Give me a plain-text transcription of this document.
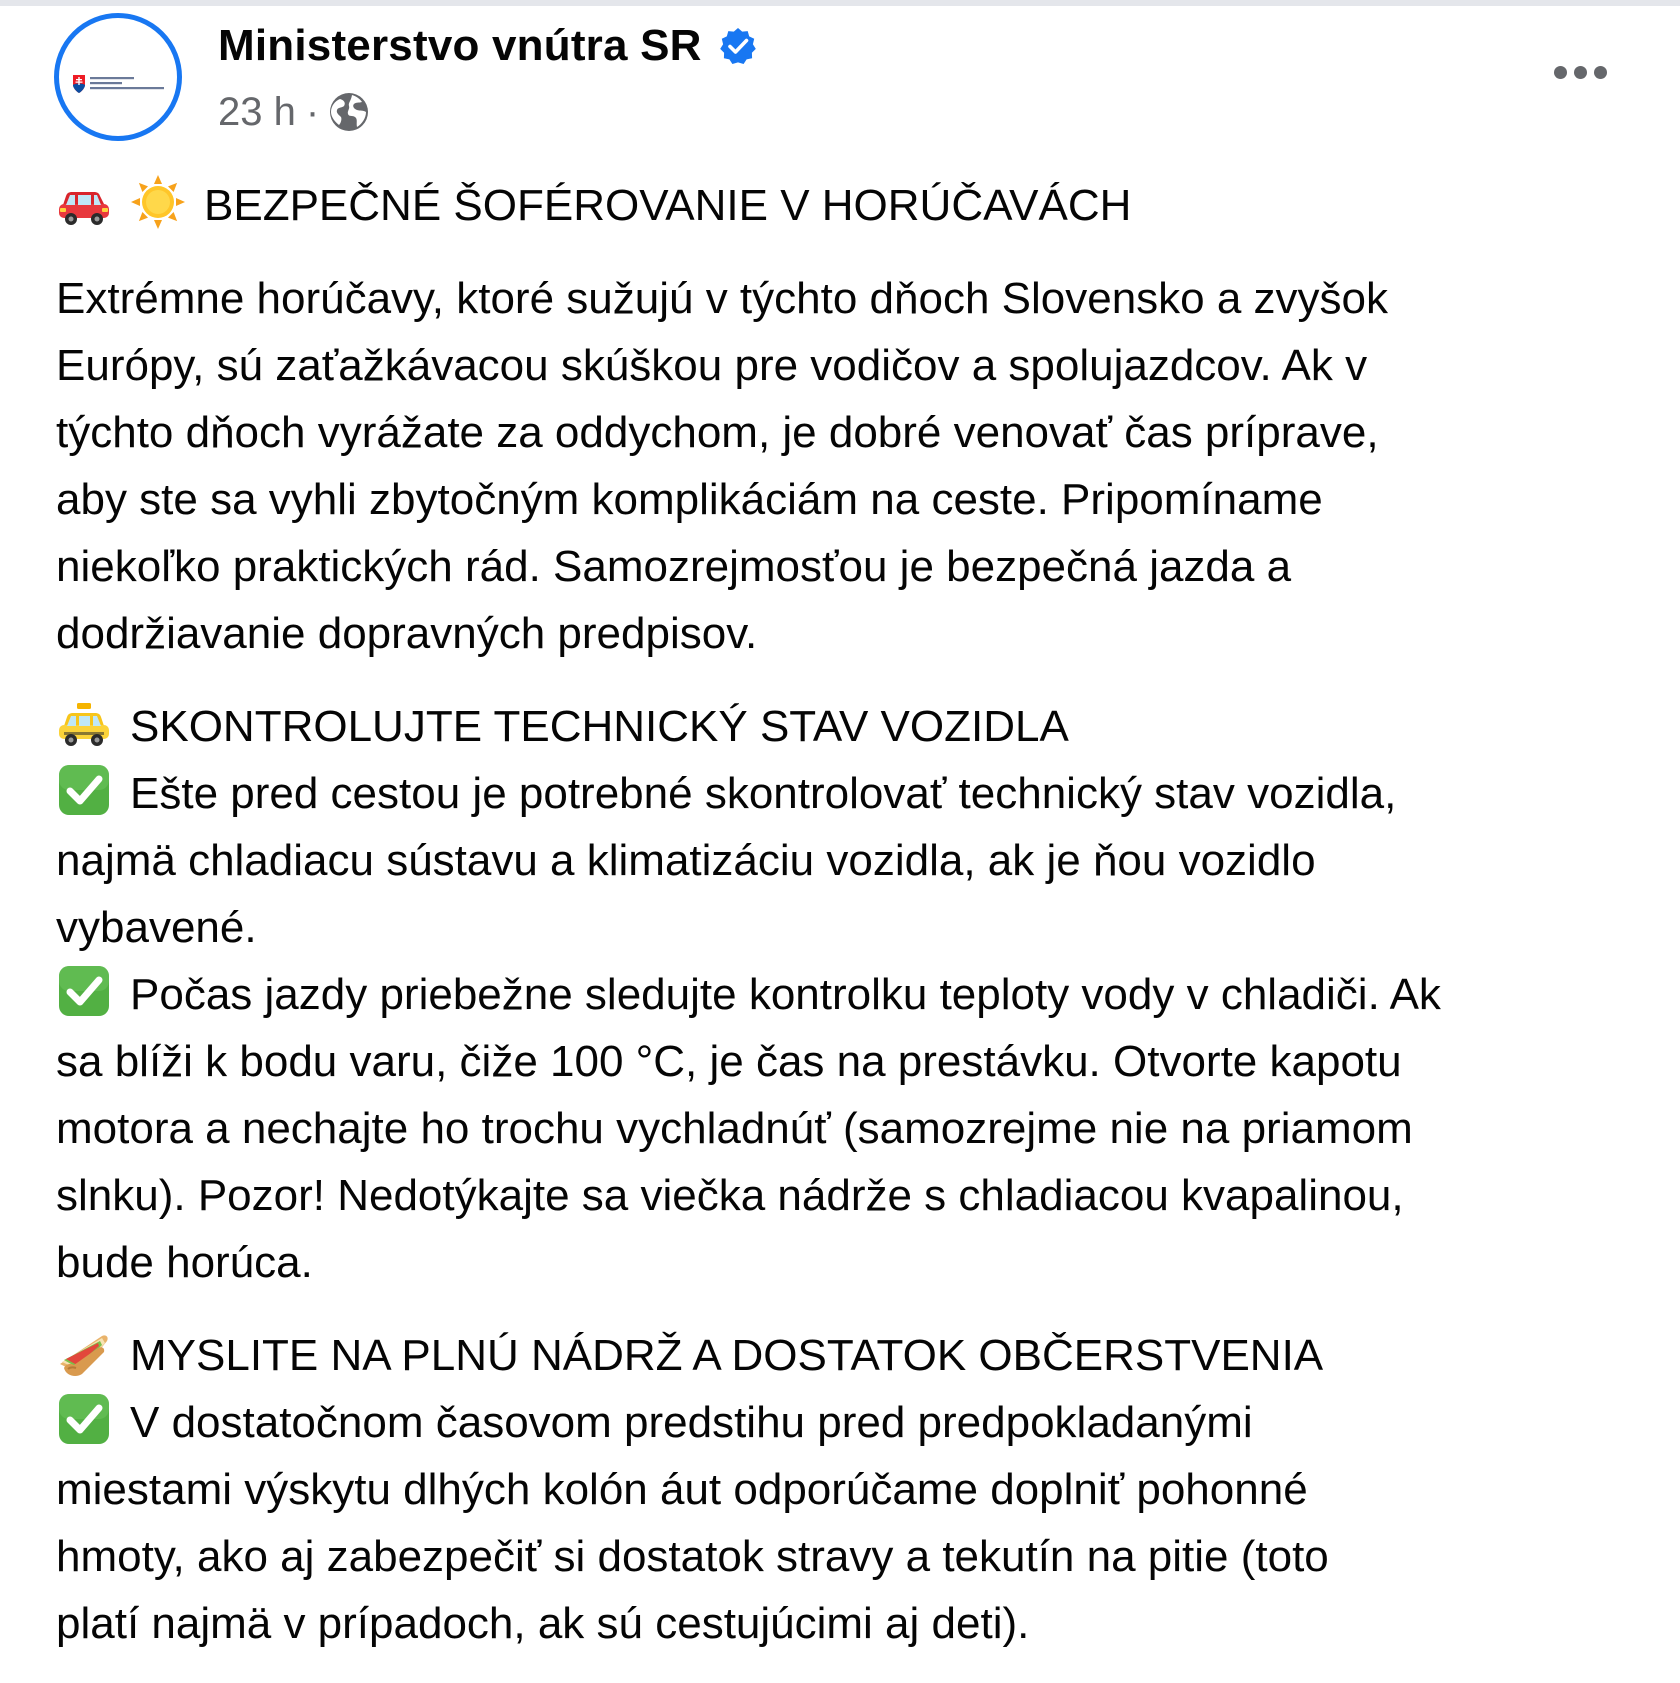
Ministerstvo vnútra SR
23 h ·

BEZPEČNÉ ŠOFÉROVANIE V HORÚČAVÁCH

Extrémne horúčavy, ktoré sužujú v týchto dňoch Slovensko a zvyšok
Európy, sú zaťažkávacou skúškou pre vodičov a spolujazdcov. Ak v
týchto dňoch vyrážate za oddychom, je dobré venovať čas príprave,
aby ste sa vyhli zbytočným komplikáciám na ceste. Pripomíname
niekoľko praktických rád. Samozrejmosťou je bezpečná jazda a
dodržiavanie dopravných predpisov.

SKONTROLUJTE TECHNICKÝ STAV VOZIDLA
Ešte pred cestou je potrebné skontrolovať technický stav vozidla,
najmä chladiacu sústavu a klimatizáciu vozidla, ak je ňou vozidlo
vybavené.
Počas jazdy priebežne sledujte kontrolku teploty vody v chladiči. Ak
sa blíži k bodu varu, čiže 100 °C, je čas na prestávku. Otvorte kapotu
motora a nechajte ho trochu vychladnúť (samozrejme nie na priamom
slnku). Pozor! Nedotýkajte sa viečka nádrže s chladiacou kvapalinou,
bude horúca.

MYSLITE NA PLNÚ NÁDRŽ A DOSTATOK OBČERSTVENIA
V dostatočnom časovom predstihu pred predpokladanými
miestami výskytu dlhých kolón áut odporúčame doplniť pohonné
hmoty, ako aj zabezpečiť si dostatok stravy a tekutín na pitie (toto
platí najmä v prípadoch, ak sú cestujúcimi aj deti).
